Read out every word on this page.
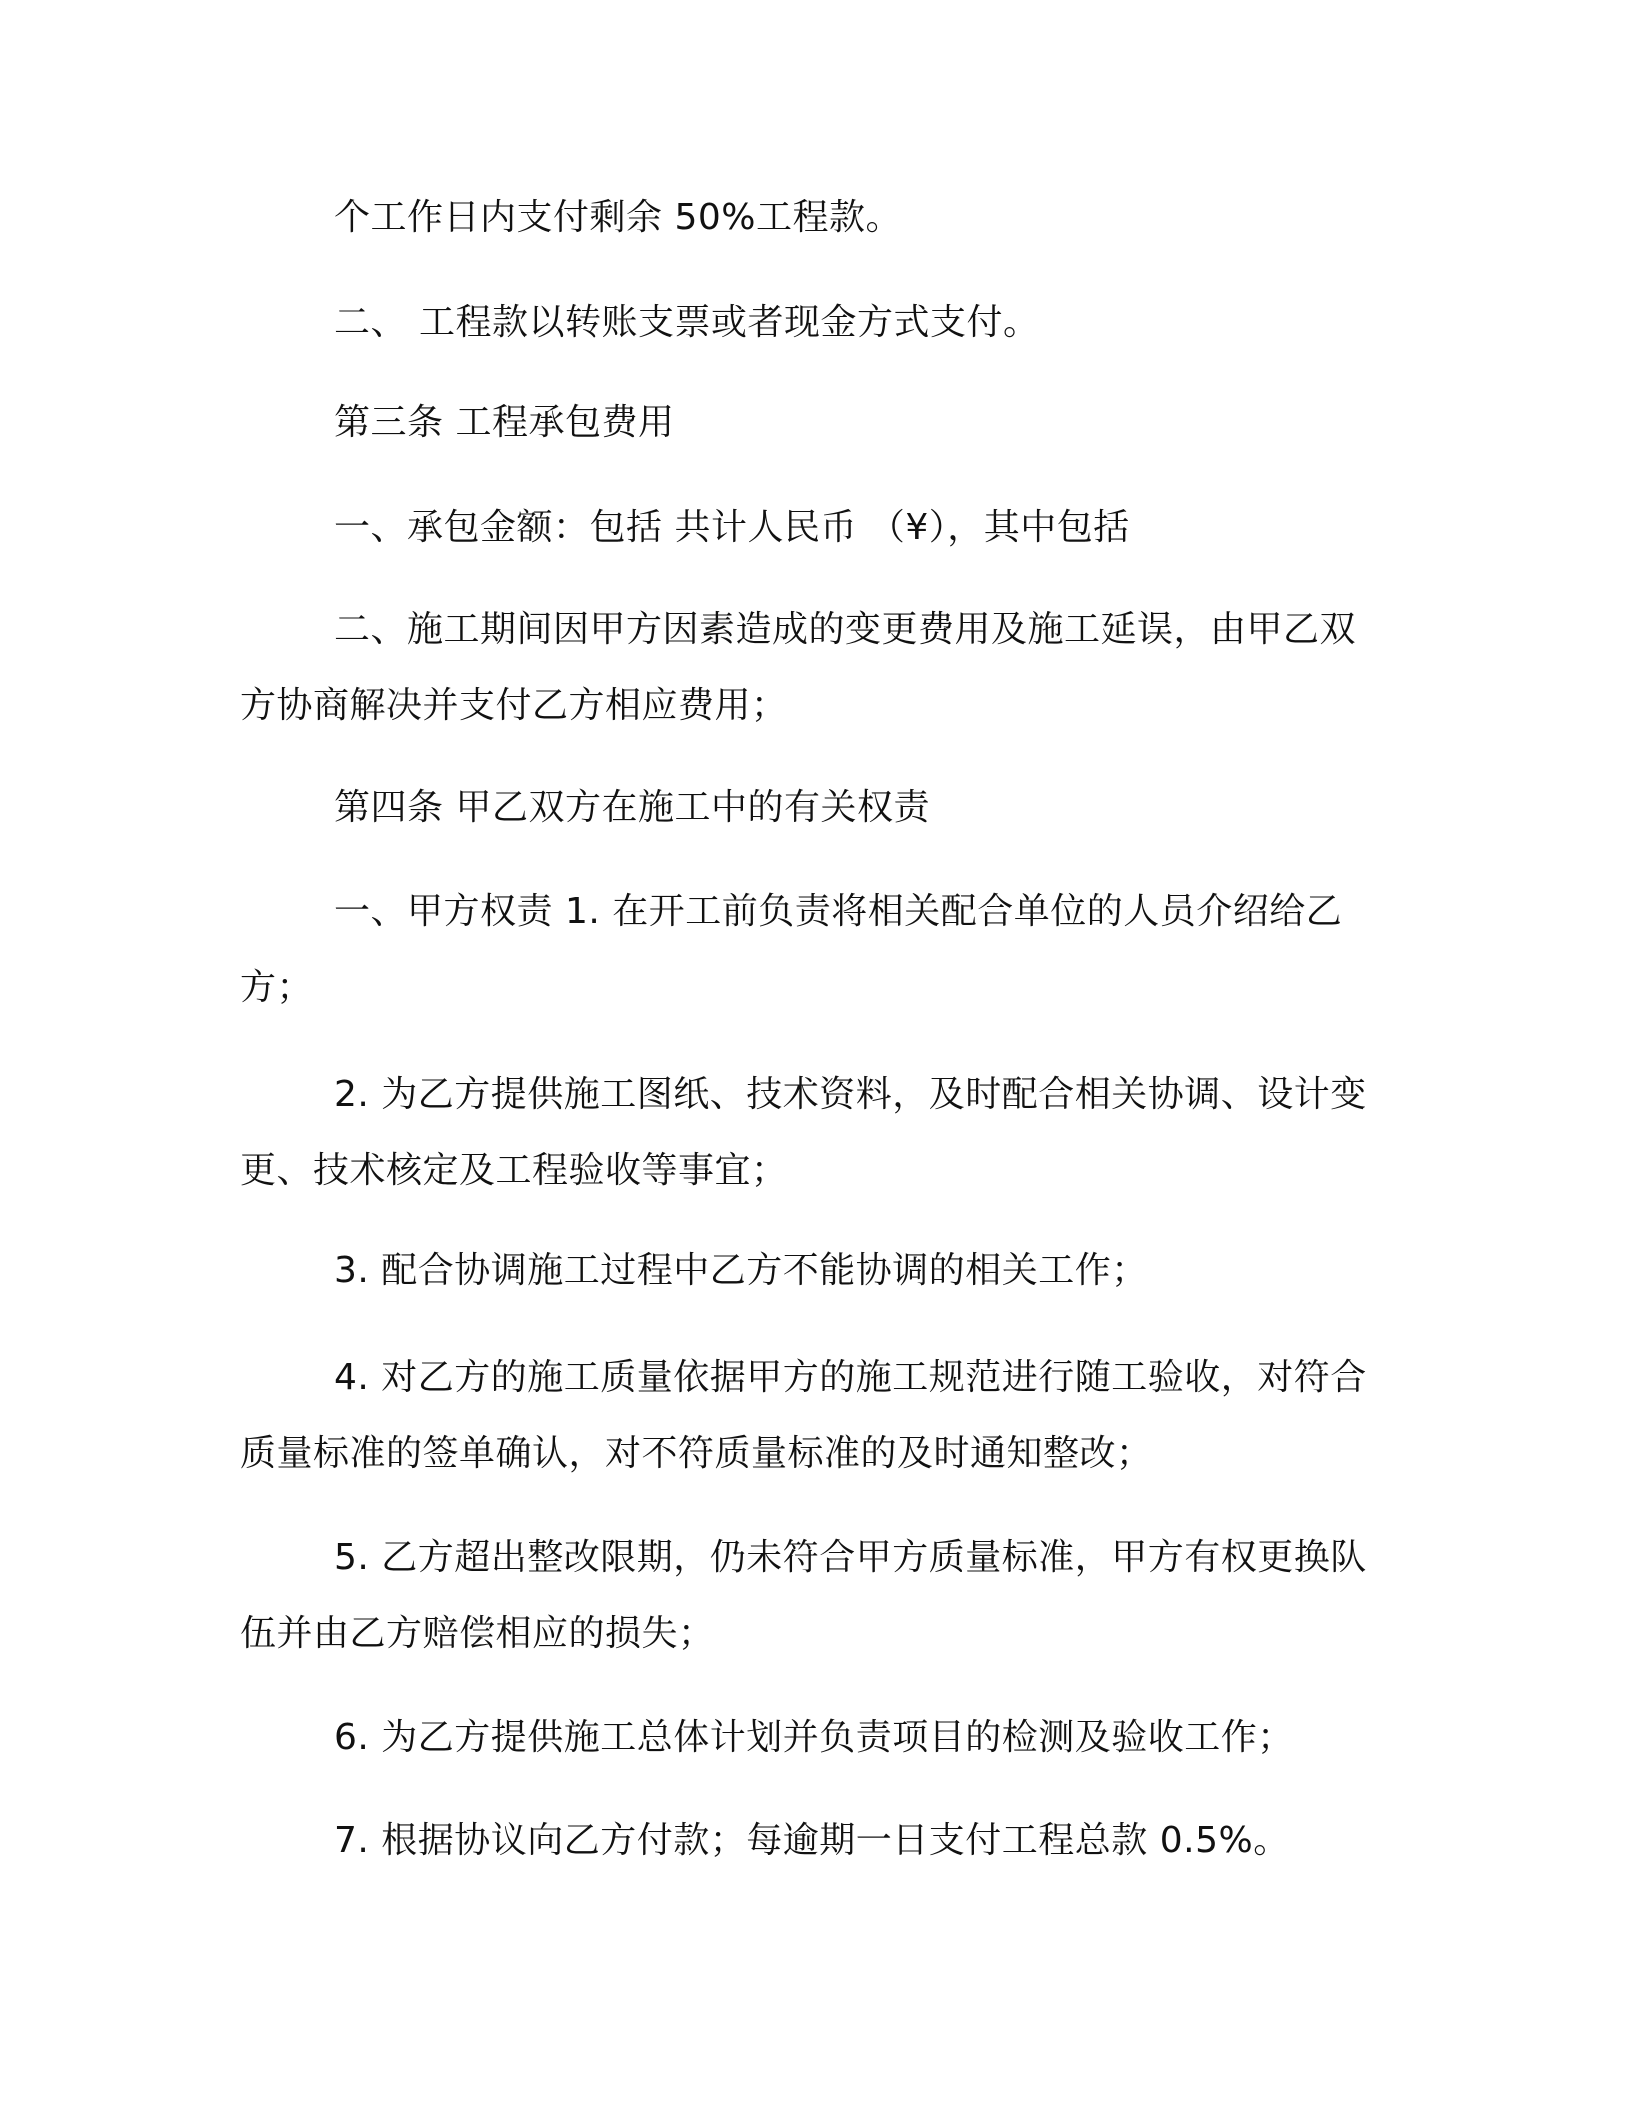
个工作日内支付剩余 50%工程款。
二、 工程款以转账支票或者现金方式支付。
第三条 工程承包费用
一、承包金额：包括 共计人民币 （¥），其中包括
二、施工期间因甲方因素造成的变更费用及施工延误，由甲乙双
方协商解决并支付乙方相应费用；
第四条 甲乙双方在施工中的有关权责
一、甲方权责 1. 在开工前负责将相关配合单位的人员介绍给乙
方；
2. 为乙方提供施工图纸、技术资料，及时配合相关协调、设计变
更、技术核定及工程验收等事宜；
3. 配合协调施工过程中乙方不能协调的相关工作；
4. 对乙方的施工质量依据甲方的施工规范进行随工验收，对符合
质量标准的签单确认，对不符质量标准的及时通知整改；
5. 乙方超出整改限期，仍未符合甲方质量标准，甲方有权更换队
伍并由乙方赔偿相应的损失；
6. 为乙方提供施工总体计划并负责项目的检测及验收工作；
7. 根据协议向乙方付款；每逾期一日支付工程总款 0.5%。
